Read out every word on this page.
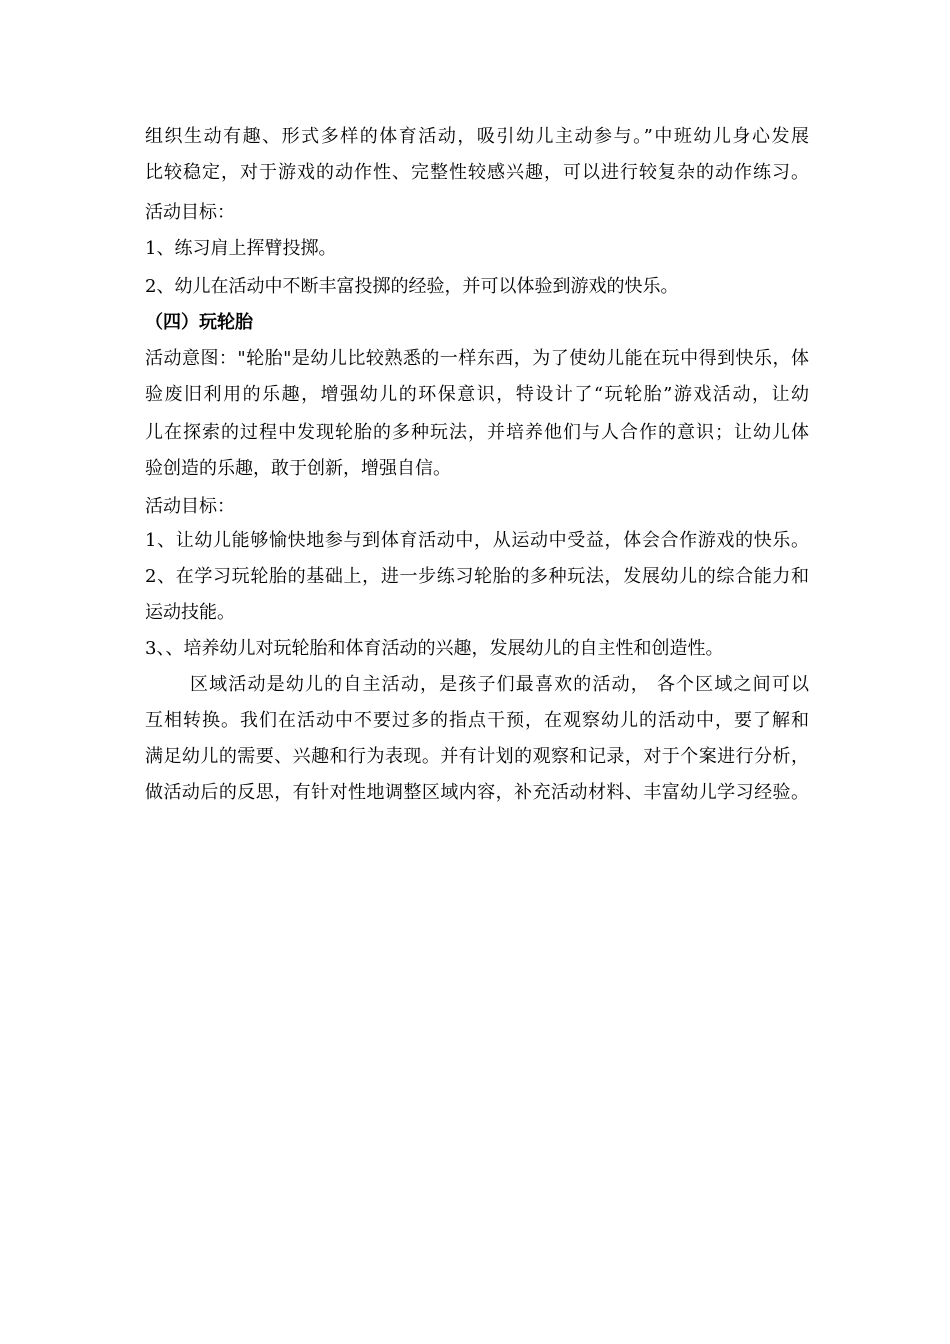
组织生动有趣、形式多样的体育活动，吸引幼儿主动参与。”中班幼儿身心发展
比较稳定，对于游戏的动作性、完整性较感兴趣，可以进行较复杂的动作练习。
活动目标：
1、练习肩上挥臂投掷。
2、幼儿在活动中不断丰富投掷的经验，并可以体验到游戏的快乐。
（四）玩轮胎
活动意图："轮胎"是幼儿比较熟悉的一样东西，为了使幼儿能在玩中得到快乐，体
验废旧利用的乐趣，增强幼儿的环保意识，特设计了“玩轮胎”游戏活动，让幼
儿在探索的过程中发现轮胎的多种玩法，并培养他们与人合作的意识；让幼儿体
验创造的乐趣，敢于创新，增强自信。
活动目标：
1、让幼儿能够愉快地参与到体育活动中，从运动中受益，体会合作游戏的快乐。
2、在学习玩轮胎的基础上，进一步练习轮胎的多种玩法，发展幼儿的综合能力和
运动技能。
3、、培养幼儿对玩轮胎和体育活动的兴趣，发展幼儿的自主性和创造性。
区域活动是幼儿的自主活动，是孩子们最喜欢的活动， 各个区域之间可以
互相转换。我们在活动中不要过多的指点干预，在观察幼儿的活动中，要了解和
满足幼儿的需要、兴趣和行为表现。并有计划的观察和记录，对于个案进行分析，
做活动后的反思，有针对性地调整区域内容，补充活动材料、丰富幼儿学习经验。
